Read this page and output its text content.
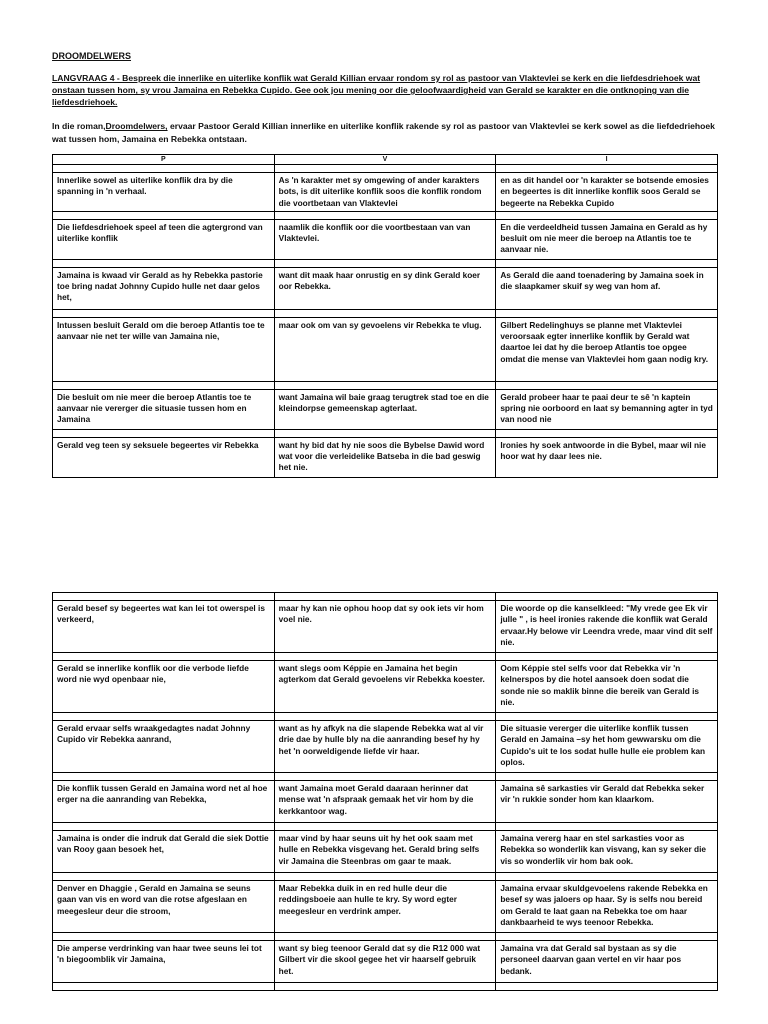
DROOMDELWERS
LANGVRAAG 4 - Bespreek die innerlike en uiterlike konflik wat Gerald Killian ervaar rondom sy rol as pastoor van Vlaktevlei se kerk en die liefdesdriehoek wat onstaan tussen hom, sy vrou Jamaina en Rebekka Cupido. Gee ook jou mening oor die geloofwaardigheid van Gerald se karakter en die ontknoping van die liefdesdriehoek.
In die roman,Droomdelwers, ervaar Pastoor Gerald Killian innerlike en uiterlike konflik rakende sy rol as pastoor van Vlaktevlei se kerk sowel as die liefdedriehoek wat tussen hom, Jamaina en Rebekka ontstaan.
P	V	I

Innerlike sowel as uiterlike konflik dra by die spanning in 'n verhaal.	As 'n karakter met sy omgewing of ander karakters bots, is dit uiterlike konflik soos die konflik rondom die voortbetaan van Vlaktevlei	en as dit handel oor 'n karakter se botsende emosies en begeertes is dit innerlike konflik soos Gerald se begeerte na Rebekka Cupido

Die liefdesdriehoek speel af teen die agtergrond van uiterlike konflik	naamlik die konflik oor die voortbestaan van van Vlaktevlei.	En die verdeeldheid tussen Jamaina en Gerald as hy besluit om nie meer die beroep na Atlantis toe te aanvaar nie.

Jamaina is kwaad vir Gerald as hy Rebekka pastorie toe bring nadat Johnny Cupido hulle net daar gelos het,	want dit maak haar onrustig en sy dink Gerald koer oor Rebekka.	As Gerald die aand toenadering by Jamaina soek in die slaapkamer skuif sy weg van hom af.

Intussen besluit Gerald om die beroep Atlantis toe te aanvaar nie net ter wille van Jamaina nie,	maar ook om van sy gevoelens vir Rebekka te vlug.	Gilbert Redelinghuys se planne met Vlaktevlei veroorsaak egter innerlike konflik by Gerald wat daartoe lei dat hy die beroep Atlantis toe opgee omdat die mense van Vlaktevlei hom gaan nodig kry.

Die besluit om nie meer die beroep Atlantis toe te aanvaar nie vererger die situasie tussen hom en Jamaina	want Jamaina wil baie graag terugtrek stad toe en die kleindorpse gemeenskap agterlaat.	Gerald probeer haar te paai deur te sê 'n kaptein spring nie oorboord en laat sy bemanning agter in tyd van nood nie

Gerald veg teen sy seksuele begeertes vir Rebekka	want hy bid dat hy nie soos die Bybelse Dawid word wat voor die verleidelike Batseba in die bad geswig het nie.	Ironies hy soek antwoorde in die Bybel, maar wil nie hoor wat hy daar lees nie.

Gerald besef sy begeertes wat kan lei tot owerspel is verkeerd,	maar hy kan nie ophou hoop dat sy ook iets vir hom voel nie.	Die woorde op die kanselkleed: "My vrede gee Ek vir julle " , is heel ironies rakende die konflik wat Gerald ervaar.Hy belowe vir Leendra vrede, maar vind dit self nie.

Gerald se innerlike konflik oor die verbode liefde word nie wyd openbaar nie,	want slegs oom Képpie en Jamaina het begin agterkom dat Gerald gevoelens vir Rebekka koester.	Oom Képpie stel selfs voor dat Rebekka vir 'n kelnerspos by die hotel aansoek doen sodat die sonde nie so maklik binne die bereik van Gerald is nie.

Gerald ervaar selfs wraakgedagtes nadat Johnny Cupido vir Rebekka aanrand,	want as hy afkyk na die slapende Rebekka wat al vir drie dae by hulle bly na die aanranding besef hy hy het 'n oorweldigende liefde vir haar.	Die situasie vererger die uiterlike konflik tussen Gerald en Jamaina –sy het hom gewwarsku om die Cupido's uit te los sodat hulle hulle eie problem kan oplos.

Die konflik tussen Gerald en Jamaina word net al hoe erger na die aanranding van Rebekka,	want Jamaina moet Gerald daaraan herinner dat mense wat 'n afspraak gemaak het vir hom by die kerkkantoor wag.	Jamaina sê sarkasties vir Gerald dat Rebekka seker vir 'n rukkie sonder hom kan klaarkom.

Jamaina is onder die indruk dat Gerald die siek Dottie van Rooy gaan besoek het,	maar vind by haar seuns uit hy het ook saam met hulle en Rebekka visgevang het. Gerald bring selfs vir Jamaina die Steenbras om gaar te maak.	Jamaina vererg haar en stel sarkasties voor as Rebekka so wonderlik kan visvang, kan sy seker die vis so wonderlik vir hom bak ook.

Denver en Dhaggie , Gerald en Jamaina se seuns gaan van vis en word van die rotse afgeslaan en meegesleur deur die stroom,	Maar Rebekka duik in en red hulle deur die reddingsboeie aan hulle te kry. Sy word egter meegesleur en verdrink amper.	Jamaina ervaar skuldgevoelens rakende Rebekka en besef sy was jaloers op haar. Sy is selfs nou bereid om Gerald te laat gaan na Rebekka toe om haar dankbaarheid te wys teenoor Rebekka.

Die amperse verdrinking van haar twee seuns lei tot 'n biegoomblik vir Jamaina,	want sy bieg teenoor Gerald dat sy die R12 000 wat Gilbert vir die skool gegee het vir haarself gebruik het.	Jamaina vra dat Gerald sal bystaan as sy die personeel daarvan gaan vertel en vir haar pos bedank.
